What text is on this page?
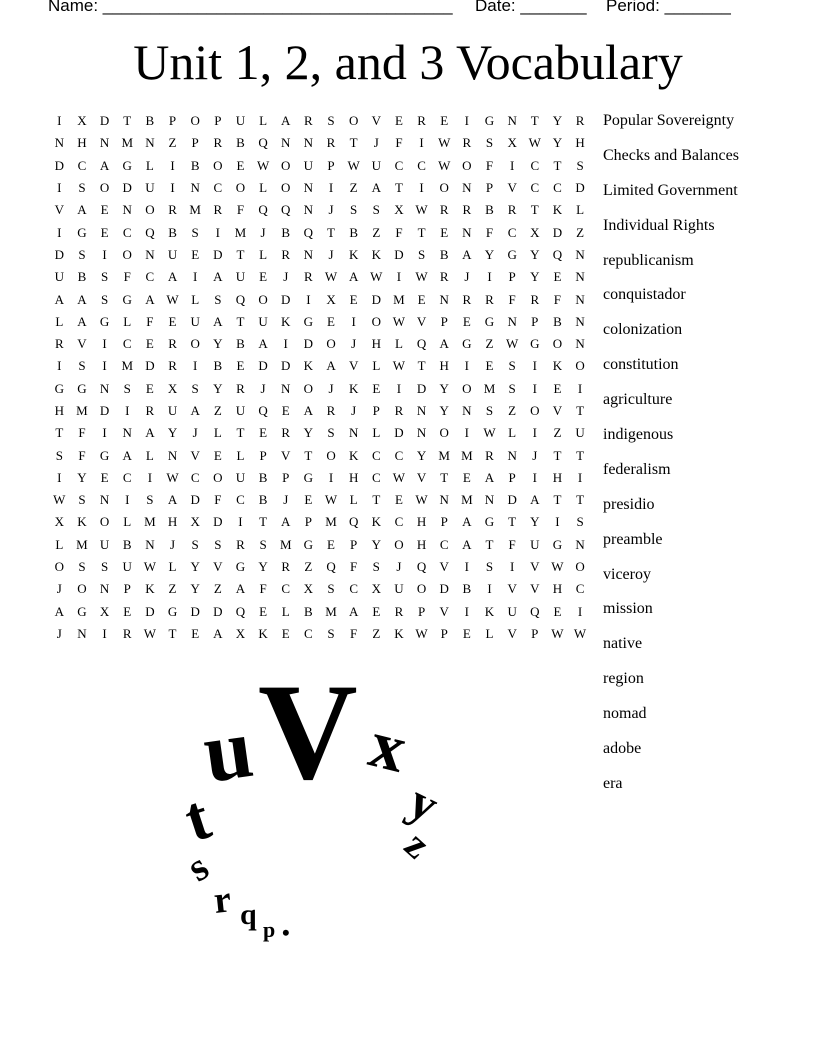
Name: _____________________________________ Date: _______ Period: _______
Unit 1, 2, and 3 Vocabulary
I	X	D	T	B	P	O	P	U	L	A	R	S	O	V	E	R	E	I	G	N	T	Y	R
N	H	N M N	Z	P	R	B	Q	N	N	R	T	J	F	I	W R	S	X W Y	H
D	C	A	G	L	I	B	O	E W O	U	P W U	C	C W O	F	I	C	T	S
I	S	O	D	U	I	N	C	O	L	O	N	I	Z	A	T	I	O	N	P	V	C	C	D
V	A	E	N	O	R M R	F	Q	Q	N	J	S	S	X W R	R	B	R	T	K	L
I	G	E	C	Q	B	S	I	M	J	B	Q	T	B	Z	F	T	E	N	F	C	X	D	Z
D	S	I	O	N	U	E	D	T	L	R	N	J	K	K	D	S	B	A	Y	G	Y	Q	N
U	B	S	F	C	A	I	A	U	E	J	R W A W	I	W R	J	I	P	Y	E	N
A	A	S	G	A W L	S	Q	O	D	I	X	E	D M E	N	R	R	F	R	F	N
L	A	G	L	F	E	U	A	T	U	K	G	E	I	O W V	P	E	G	N	P	B	N
R	V	I	C	E	R	O	Y	B	A	I	D	O	J	H	L	Q	A	G	Z W G	O	N
I	S	I	M D	R	I	B	E	D	D	K	A	V	L W T	H	I	E	S	I	K	O
G	G	N	S	E	X	S	Y	R	J	N	O	J	K	E	I	D	Y	O M	S	I	E	I
H M D	I	R	U	A	Z	U	Q	E	A	R	J	P	R	N	Y	N	S	Z	O	V	T
T	F	I	N	A	Y	J	L	T	E	R	Y	S	N	L	D	N	O	I	W L	I	Z	U
S	F	G	A	L	N	V	E	L	P	V	T	O	K	C	C	Y M M R	N	J	T	T
I	Y	E	C	I	W C	O	U	B	P	G	I	H	C W V	T	E	A	P	I	H	I
W S	N	I	S	A	D	F	C	B	J	E W L	T	E W N M N	D	A	T	T
X	K	O	L M H	X	D	I	T	A	P	M Q	K	C	H	P	A	G	T	Y	I	S
L M U	B	N	J	S	S	R	S	M G	E	P	Y	O	H	C	A	T	F	U	G	N
O	S	S	U W L	Y	V	G	Y	R	Z	Q	F	S	J	Q	V	I	S	I	V W O
J	O	N	P	K	Z	Y	Z	A	F	C	X	S	C	X	U	O	D	B	I	V	V	H	C
A	G	X	E	D	G	D	D	Q	E	L	B M A	E	R	P	V	I	K	U	Q	E	I
J	N	I	R W T	E	A	X	K	E	C	S	F	Z	K W P	E	L	V	P W W
Popular Sovereignty
Checks and Balances
Limited Government
Individual Rights
republicanism
conquistador
colonization
constitution
agriculture
indigenous
federalism
presidio
preamble
viceroy
mission
native
region
nomad
adobe
era
V
u x
t	y
s	z
r q p •
